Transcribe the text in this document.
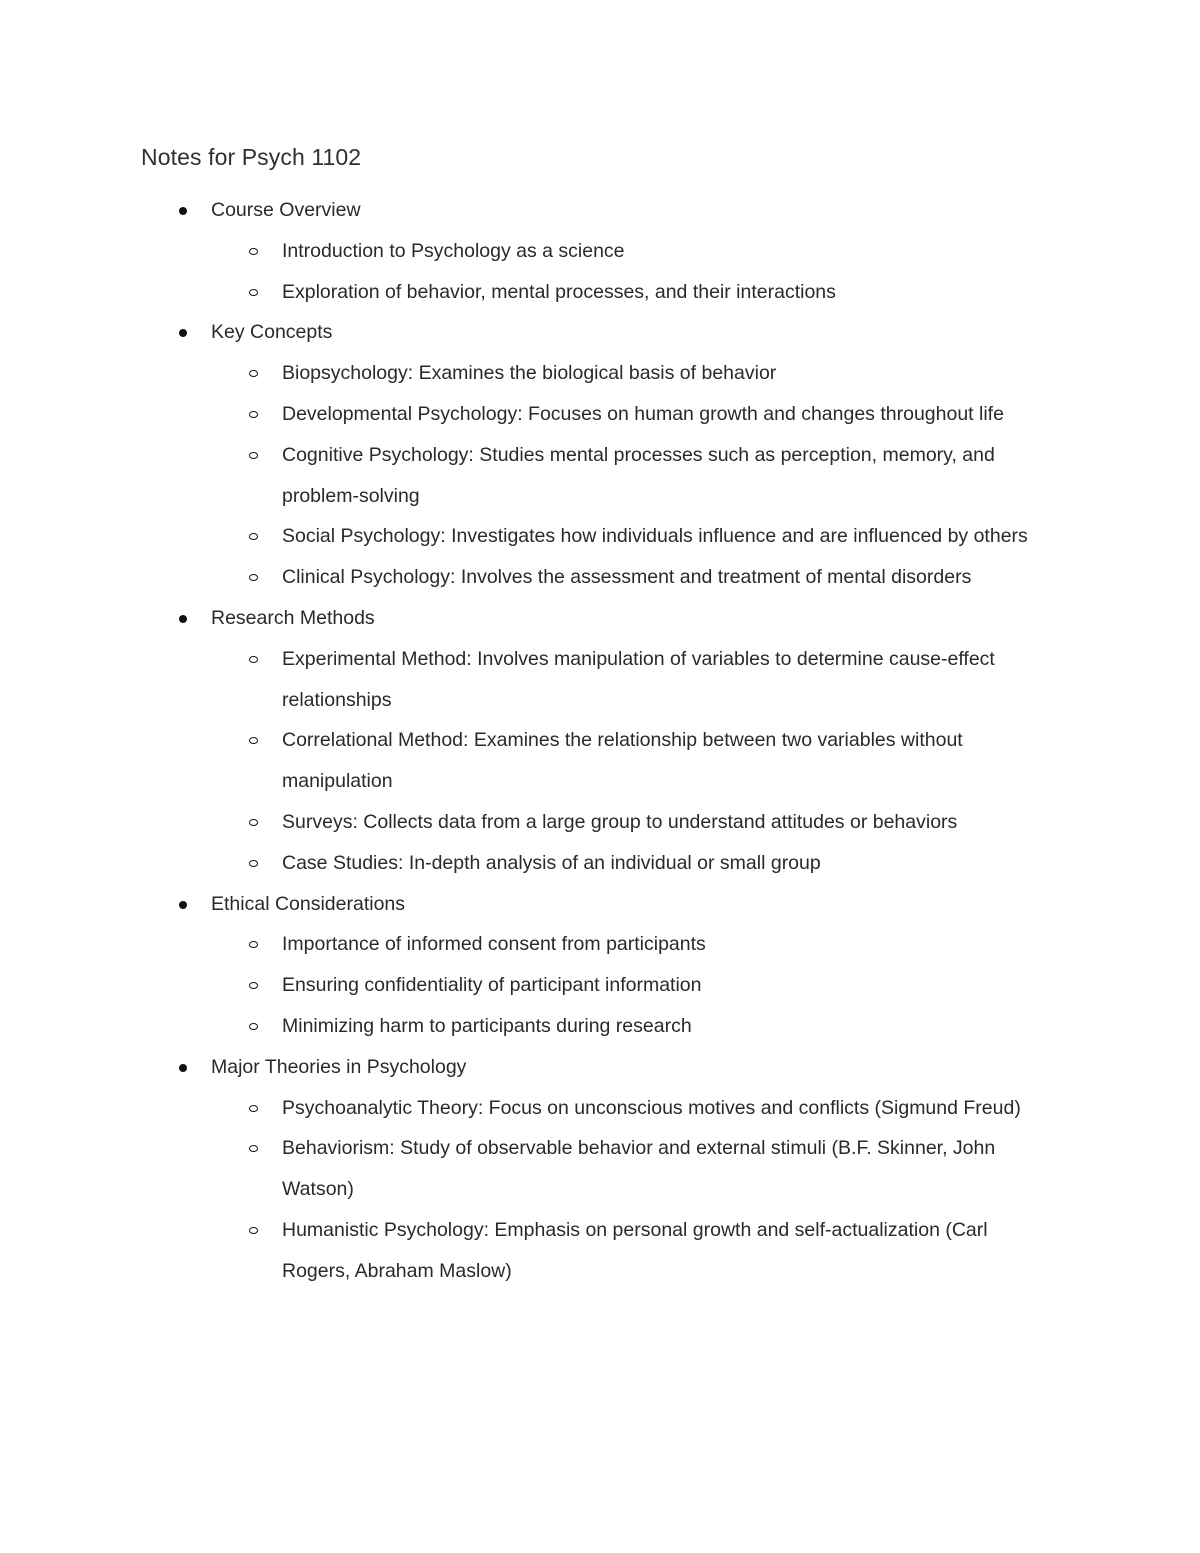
Notes for Psych 1102
Course Overview
Introduction to Psychology as a science
Exploration of behavior, mental processes, and their interactions
Key Concepts
Biopsychology: Examines the biological basis of behavior
Developmental Psychology: Focuses on human growth and changes throughout life
Cognitive Psychology: Studies mental processes such as perception, memory, and problem-solving
Social Psychology: Investigates how individuals influence and are influenced by others
Clinical Psychology: Involves the assessment and treatment of mental disorders
Research Methods
Experimental Method: Involves manipulation of variables to determine cause-effect relationships
Correlational Method: Examines the relationship between two variables without manipulation
Surveys: Collects data from a large group to understand attitudes or behaviors
Case Studies: In-depth analysis of an individual or small group
Ethical Considerations
Importance of informed consent from participants
Ensuring confidentiality of participant information
Minimizing harm to participants during research
Major Theories in Psychology
Psychoanalytic Theory: Focus on unconscious motives and conflicts (Sigmund Freud)
Behaviorism: Study of observable behavior and external stimuli (B.F. Skinner, John Watson)
Humanistic Psychology: Emphasis on personal growth and self-actualization (Carl Rogers, Abraham Maslow)
